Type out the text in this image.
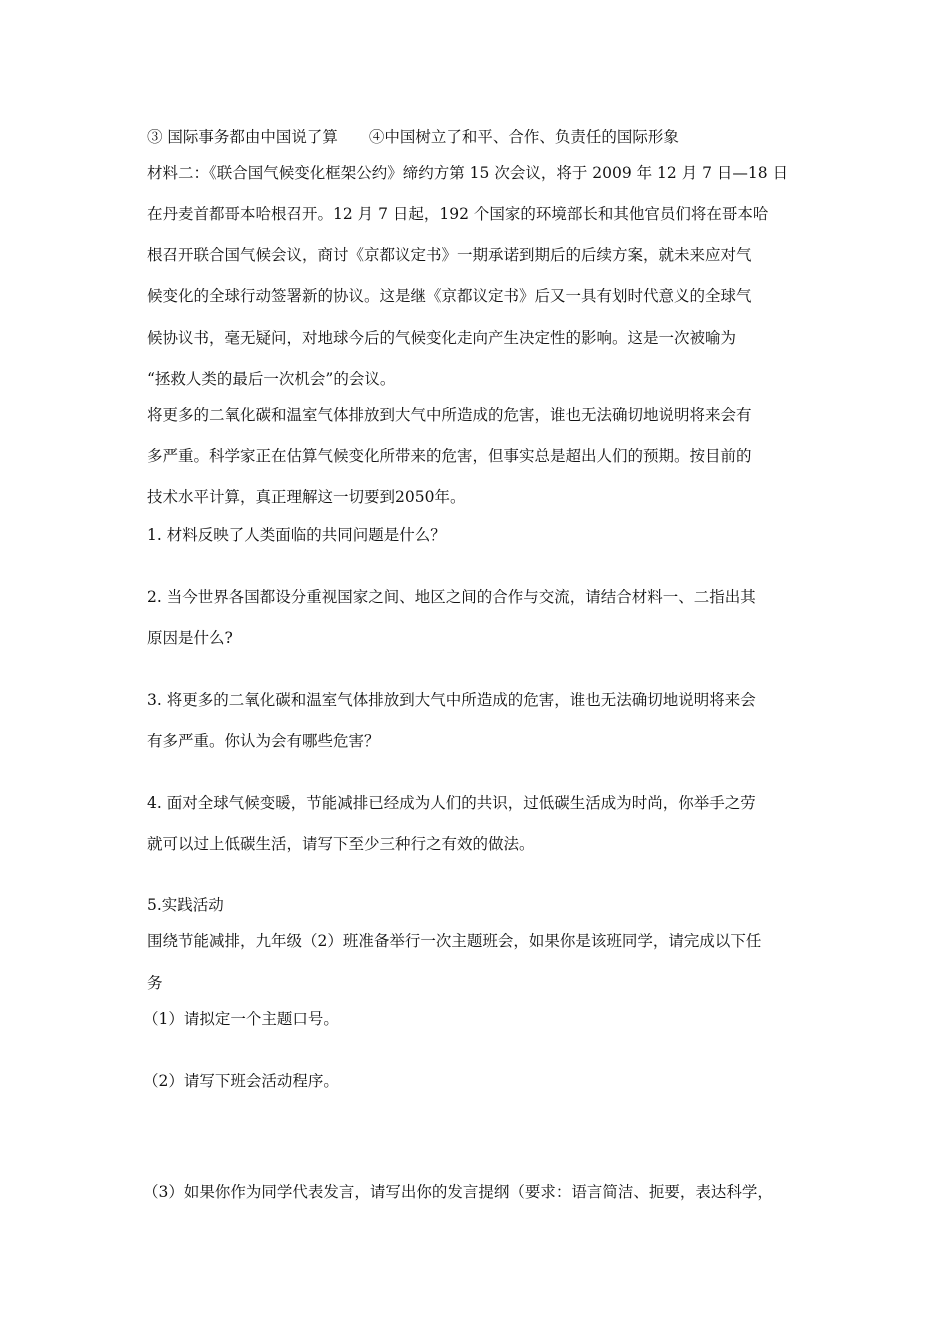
③ 国际事务都由中国说了算　　④中国树立了和平、合作、负责任的国际形象
材料二：《联合国气候变化框架公约》缔约方第 15 次会议，将于 2009 年 12 月 7 日—18 日
在丹麦首都哥本哈根召开。12 月 7 日起，192 个国家的环境部长和其他官员们将在哥本哈
根召开联合国气候会议，商讨《京都议定书》一期承诺到期后的后续方案，就未来应对气
候变化的全球行动签署新的协议。这是继《京都议定书》后又一具有划时代意义的全球气
候协议书，毫无疑问，对地球今后的气候变化走向产生决定性的影响。这是一次被喻为
“拯救人类的最后一次机会”的会议。
将更多的二氧化碳和温室气体排放到大气中所造成的危害，谁也无法确切地说明将来会有
多严重。科学家正在估算气候变化所带来的危害，但事实总是超出人们的预期。按目前的
技术水平计算，真正理解这一切要到2050年。
1. 材料反映了人类面临的共同问题是什么？
2. 当今世界各国都设分重视国家之间、地区之间的合作与交流，请结合材料一、二指出其
原因是什么?
3. 将更多的二氧化碳和温室气体排放到大气中所造成的危害，谁也无法确切地说明将来会
有多严重。你认为会有哪些危害？
4. 面对全球气候变暖，节能减排已经成为人们的共识，过低碳生活成为时尚，你举手之劳
就可以过上低碳生活，请写下至少三种行之有效的做法。
5.实践活动
围绕节能减排，九年级（2）班准备举行一次主题班会，如果你是该班同学，请完成以下任
务
（1）请拟定一个主题口号。
（2）请写下班会活动程序。
（3）如果你作为同学代表发言，请写出你的发言提纲（要求：语言简洁、扼要，表达科学，
